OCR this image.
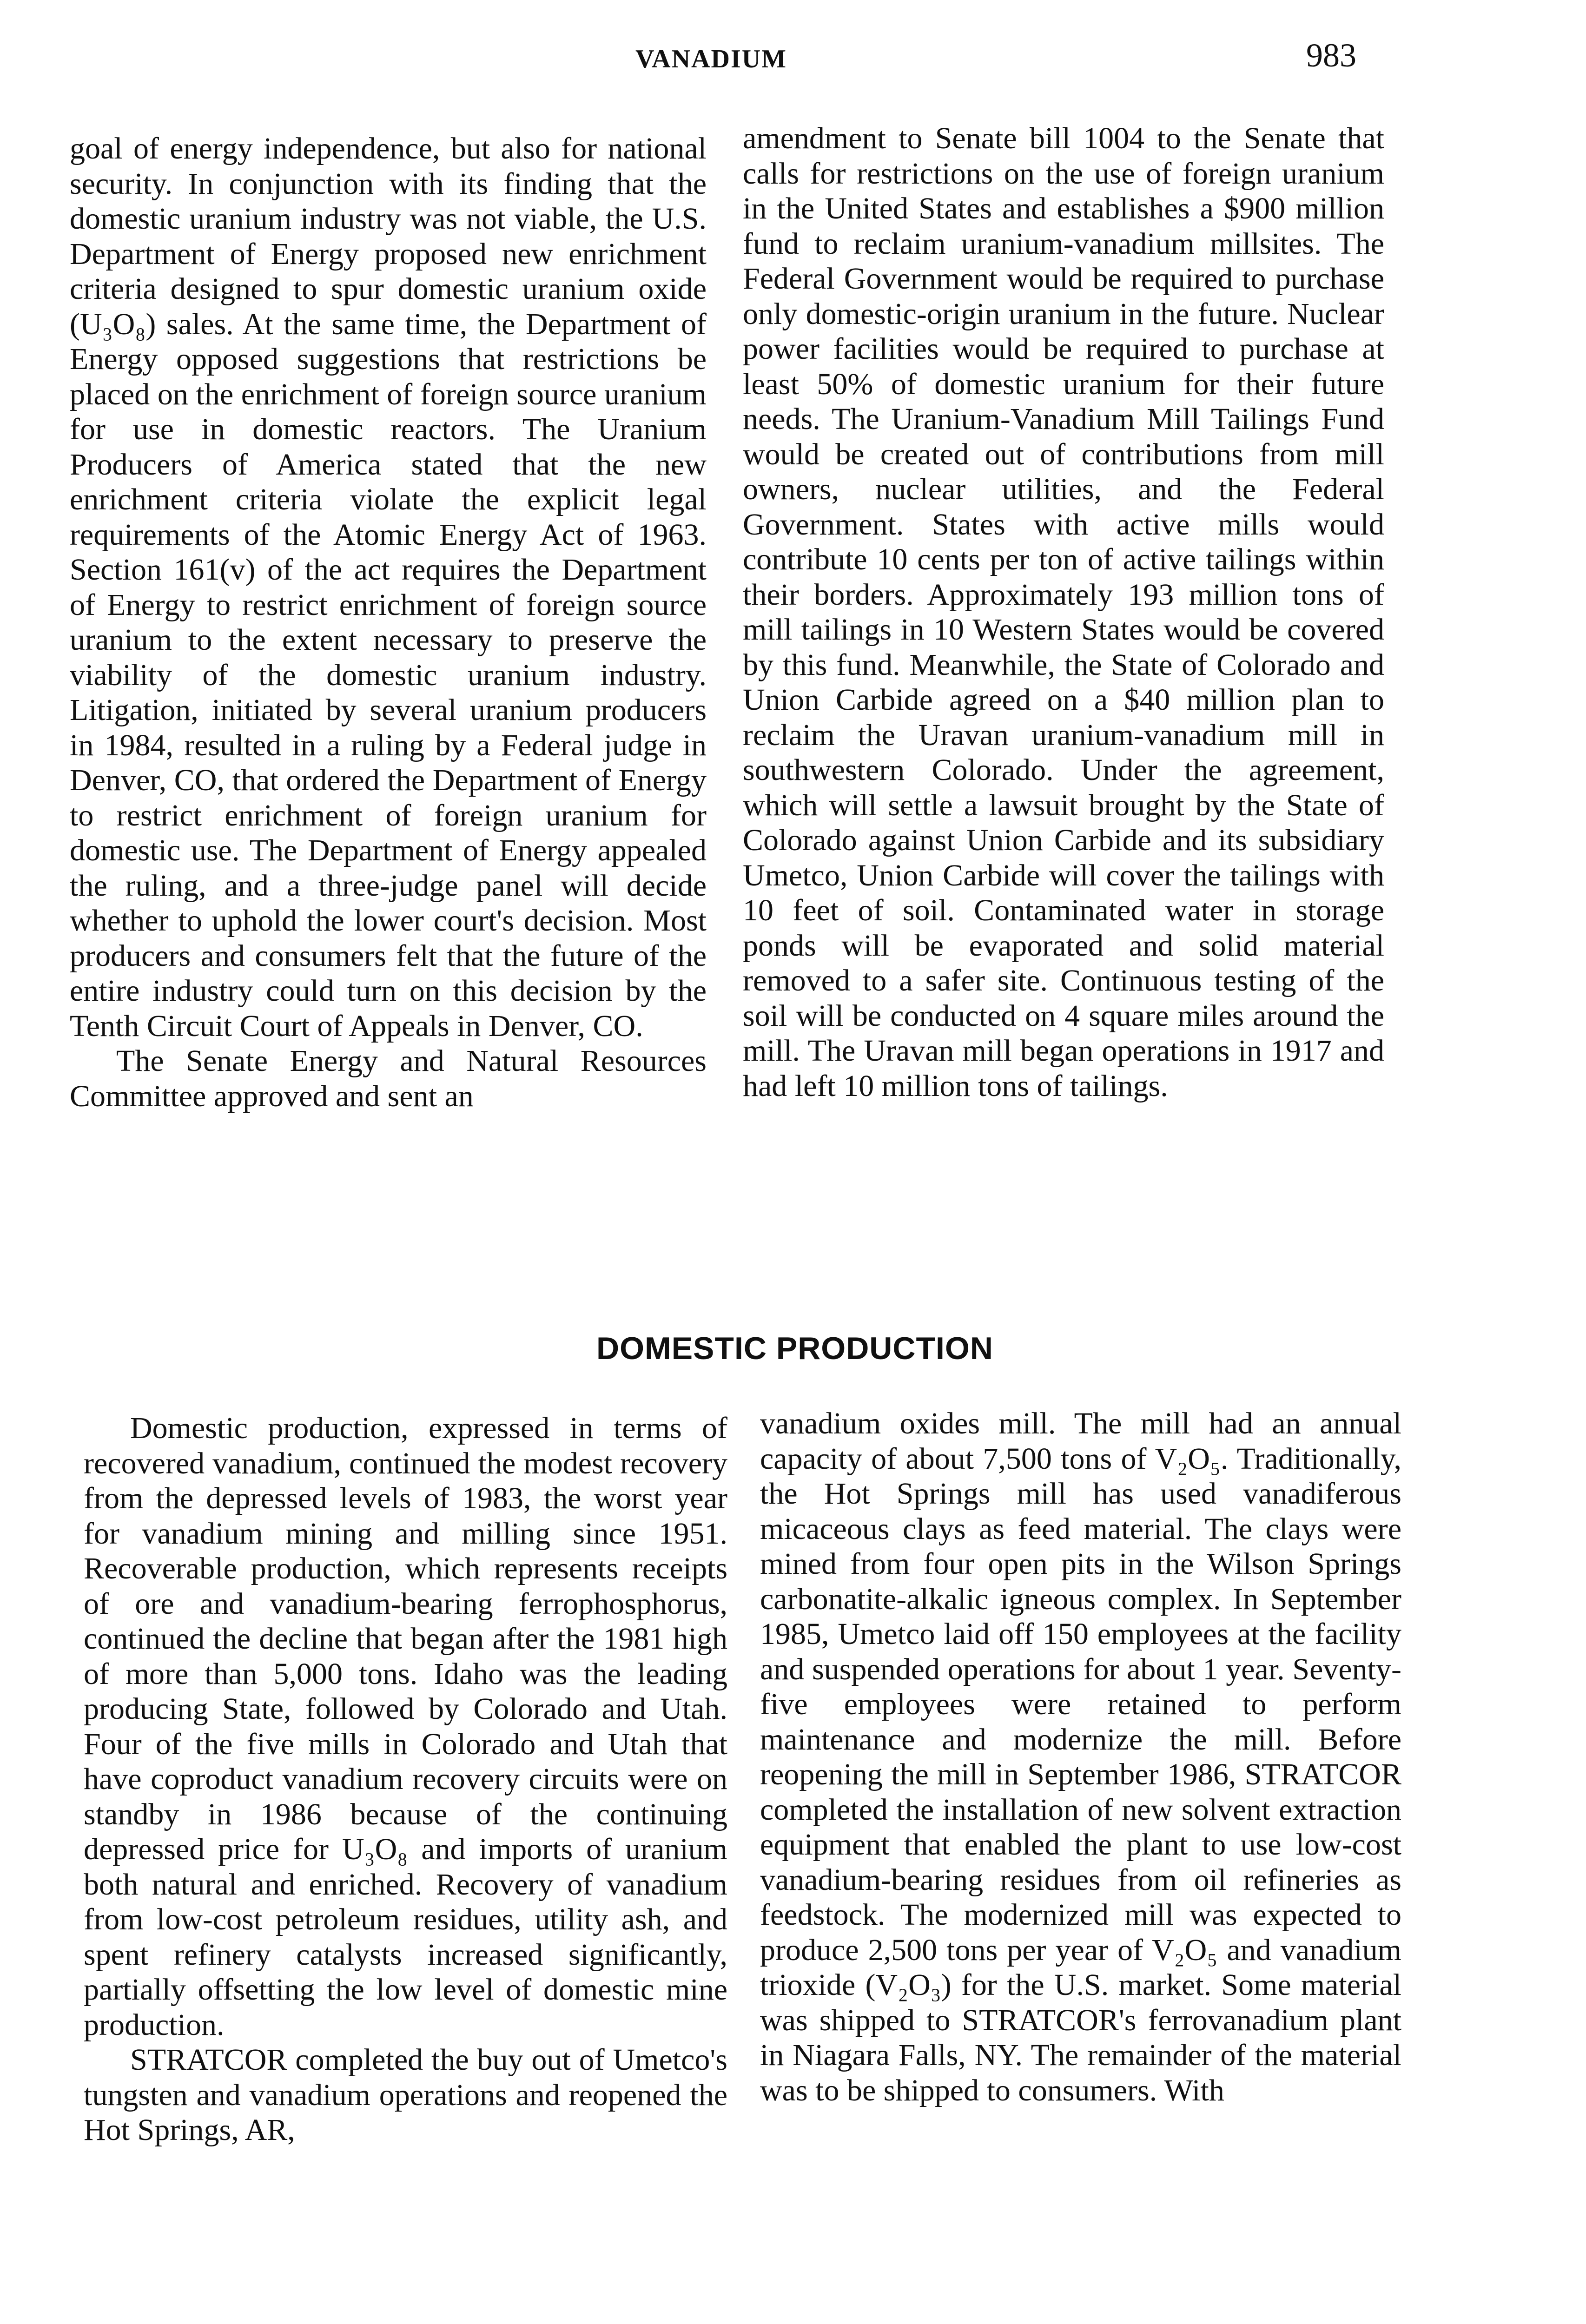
VANADIUM	983

goal of energy independence, but also for national security. In conjunction with its finding that the domestic uranium industry was not viable, the U.S. Department of Energy proposed new enrichment criteria designed to spur domestic uranium oxide (U₃O₈) sales. At the same time, the Department of Energy opposed suggestions that restrictions be placed on the enrichment of foreign source uranium for use in domestic reactors. The Uranium Producers of America stated that the new enrichment criteria violate the explicit legal requirements of the Atomic Energy Act of 1963. Section 161(v) of the act requires the Department of Energy to restrict enrichment of foreign source uranium to the extent necessary to preserve the viability of the domestic uranium industry. Litigation, initiated by several uranium producers in 1984, resulted in a ruling by a Federal judge in Denver, CO, that ordered the Department of Energy to restrict enrichment of foreign uranium for domestic use. The Department of Energy appealed the ruling, and a three-judge panel will decide whether to uphold the lower court's decision. Most producers and consumers felt that the future of the entire industry could turn on this decision by the Tenth Circuit Court of Appeals in Denver, CO.

The Senate Energy and Natural Resources Committee approved and sent an

amendment to Senate bill 1004 to the Senate that calls for restrictions on the use of foreign uranium in the United States and establishes a $900 million fund to reclaim uranium-vanadium millsites. The Federal Government would be required to purchase only domestic-origin uranium in the future. Nuclear power facilities would be required to purchase at least 50% of domestic uranium for their future needs. The Uranium-Vanadium Mill Tailings Fund would be created out of contributions from mill owners, nuclear utilities, and the Federal Government. States with active mills would contribute 10 cents per ton of active tailings within their borders. Approximately 193 million tons of mill tailings in 10 Western States would be covered by this fund. Meanwhile, the State of Colorado and Union Carbide agreed on a $40 million plan to reclaim the Uravan uranium-vanadium mill in southwestern Colorado. Under the agreement, which will settle a lawsuit brought by the State of Colorado against Union Carbide and its subsidiary Umetco, Union Carbide will cover the tailings with 10 feet of soil. Contaminated water in storage ponds will be evaporated and solid material removed to a safer site. Continuous testing of the soil will be conducted on 4 square miles around the mill. The Uravan mill began operations in 1917 and had left 10 million tons of tailings.

DOMESTIC PRODUCTION

Domestic production, expressed in terms of recovered vanadium, continued the modest recovery from the depressed levels of 1983, the worst year for vanadium mining and milling since 1951. Recoverable production, which represents receipts of ore and vanadium-bearing ferrophosphorus, continued the decline that began after the 1981 high of more than 5,000 tons. Idaho was the leading producing State, followed by Colorado and Utah. Four of the five mills in Colorado and Utah that have coproduct vanadium recovery circuits were on standby in 1986 because of the continuing depressed price for U₃O₈ and imports of uranium both natural and enriched. Recovery of vanadium from low-cost petroleum residues, utility ash, and spent refinery catalysts increased significantly, partially offsetting the low level of domestic mine production.

STRATCOR completed the buy out of Umetco's tungsten and vanadium operations and reopened the Hot Springs, AR,

vanadium oxides mill. The mill had an annual capacity of about 7,500 tons of V₂O₅. Traditionally, the Hot Springs mill has used vanadiferous micaceous clays as feed material. The clays were mined from four open pits in the Wilson Springs carbonatite-alkalic igneous complex. In September 1985, Umetco laid off 150 employees at the facility and suspended operations for about 1 year. Seventy-five employees were retained to perform maintenance and modernize the mill. Before reopening the mill in September 1986, STRATCOR completed the installation of new solvent extraction equipment that enabled the plant to use low-cost vanadium-bearing residues from oil refineries as feedstock. The modernized mill was expected to produce 2,500 tons per year of V₂O₅ and vanadium trioxide (V₂O₃) for the U.S. market. Some material was shipped to STRATCOR's ferrovanadium plant in Niagara Falls, NY. The remainder of the material was to be shipped to consumers. With
